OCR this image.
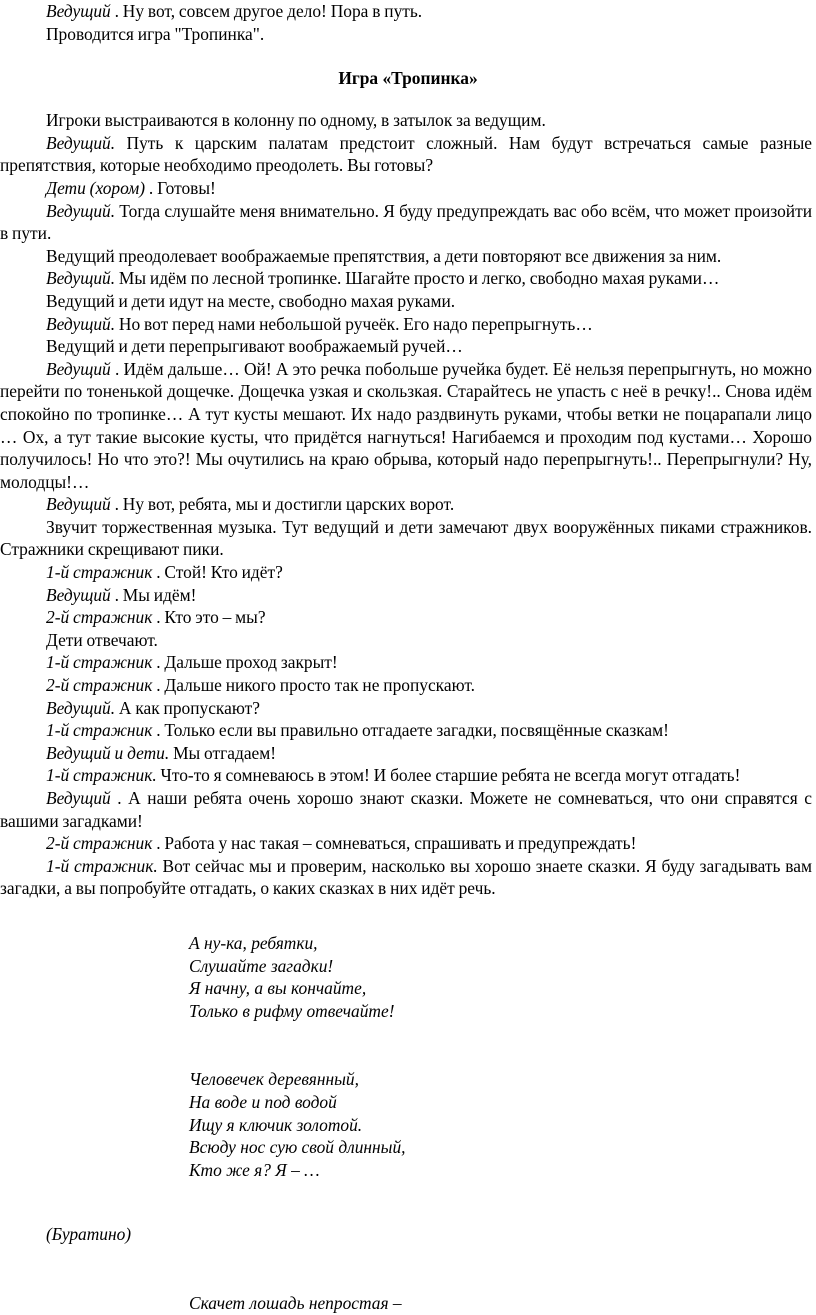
Ведущий . Ну вот, совсем другое дело! Пора в путь.

Проводится игра "Тропинка".

Игра «Тропинка»

Игроки выстраиваются в колонну по одному, в затылок за ведущим.

Ведущий. Путь к царским палатам предстоит сложный. Нам будут встречаться самые разные препятствия, которые необходимо преодолеть. Вы готовы?

Дети (хором) . Готовы!

Ведущий. Тогда слушайте меня внимательно. Я буду предупреждать вас обо всём, что может произойти в пути.

Ведущий преодолевает воображаемые препятствия, а дети повторяют все движения за ним.

Ведущий. Мы идём по лесной тропинке. Шагайте просто и легко, свободно махая руками…

Ведущий и дети идут на месте, свободно махая руками.

Ведущий. Но вот перед нами небольшой ручеёк. Его надо перепрыгнуть…

Ведущий и дети перепрыгивают воображаемый ручей…

Ведущий . Идём дальше… Ой! А это речка побольше ручейка будет. Её нельзя перепрыгнуть, но можно перейти по тоненькой дощечке. Дощечка узкая и скользкая. Старайтесь не упасть с неё в речку!.. Снова идём спокойно по тропинке… А тут кусты мешают. Их надо раздвинуть руками, чтобы ветки не поцарапали лицо … Ох, а тут такие высокие кусты, что придётся нагнуться! Нагибаемся и проходим под кустами… Хорошо получилось! Но что это?! Мы очутились на краю обрыва, который надо перепрыгнуть!.. Перепрыгнули? Ну, молодцы!…

Ведущий . Ну вот, ребята, мы и достигли царских ворот.

Звучит торжественная музыка. Тут ведущий и дети замечают двух вооружённых пиками стражников. Стражники скрещивают пики.

1-й стражник . Стой! Кто идёт?

Ведущий . Мы идём!

2-й стражник . Кто это – мы?

Дети отвечают.

1-й стражник . Дальше проход закрыт!

2-й стражник . Дальше никого просто так не пропускают.

Ведущий. А как пропускают?

1-й стражник . Только если вы правильно отгадаете загадки, посвящённые сказкам!

Ведущий и дети. Мы отгадаем!

1-й стражник. Что-то я сомневаюсь в этом! И более старшие ребята не всегда могут отгадать!

Ведущий . А наши ребята очень хорошо знают сказки. Можете не сомневаться, что они справятся с вашими загадками!

2-й стражник . Работа у нас такая – сомневаться, спрашивать и предупреждать!

1-й стражник. Вот сейчас мы и проверим, насколько вы хорошо знаете сказки. Я буду загадывать вам загадки, а вы попробуйте отгадать, о каких сказках в них идёт речь.

А ну-ка, ребятки,
Слушайте загадки!
Я начну, а вы кончайте,
Только в рифму отвечайте!
Человечек деревянный,
На воде и под водой
Ищу я ключик золотой.
Всюду нос сую свой длинный,
Кто же я? Я – …

(Буратино)

Скачет лошадь непростая –
